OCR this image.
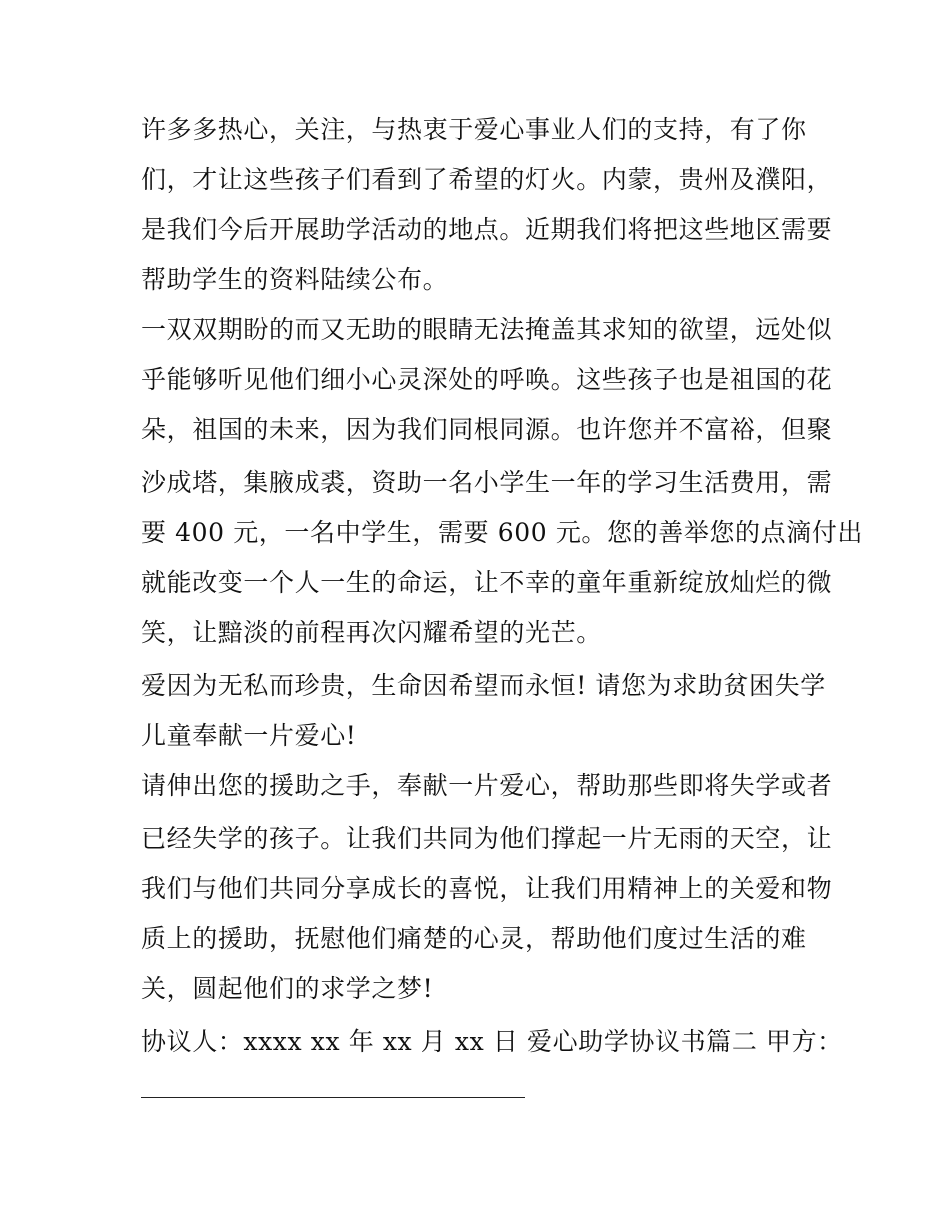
许多多热心，关注，与热衷于爱心事业人们的支持，有了你
们，才让这些孩子们看到了希望的灯火。内蒙，贵州及濮阳，
是我们今后开展助学活动的地点。近期我们将把这些地区需要
帮助学生的资料陆续公布。
一双双期盼的而又无助的眼睛无法掩盖其求知的欲望，远处似
乎能够听见他们细小心灵深处的呼唤。这些孩子也是祖国的花
朵，祖国的未来，因为我们同根同源。也许您并不富裕，但聚
沙成塔，集腋成裘，资助一名小学生一年的学习生活费用，需
要 400 元，一名中学生，需要 600 元。您的善举您的点滴付出
就能改变一个人一生的命运，让不幸的童年重新绽放灿烂的微
笑，让黯淡的前程再次闪耀希望的光芒。
爱因为无私而珍贵，生命因希望而永恒! 请您为求助贫困失学
儿童奉献一片爱心!
请伸出您的援助之手，奉献一片爱心，帮助那些即将失学或者
已经失学的孩子。让我们共同为他们撑起一片无雨的天空，让
我们与他们共同分享成长的喜悦，让我们用精神上的关爱和物
质上的援助，抚慰他们痛楚的心灵，帮助他们度过生活的难
关，圆起他们的求学之梦!
协议人：xxxx xx 年 xx 月 xx 日 爱心助学协议书篇二 甲方：
